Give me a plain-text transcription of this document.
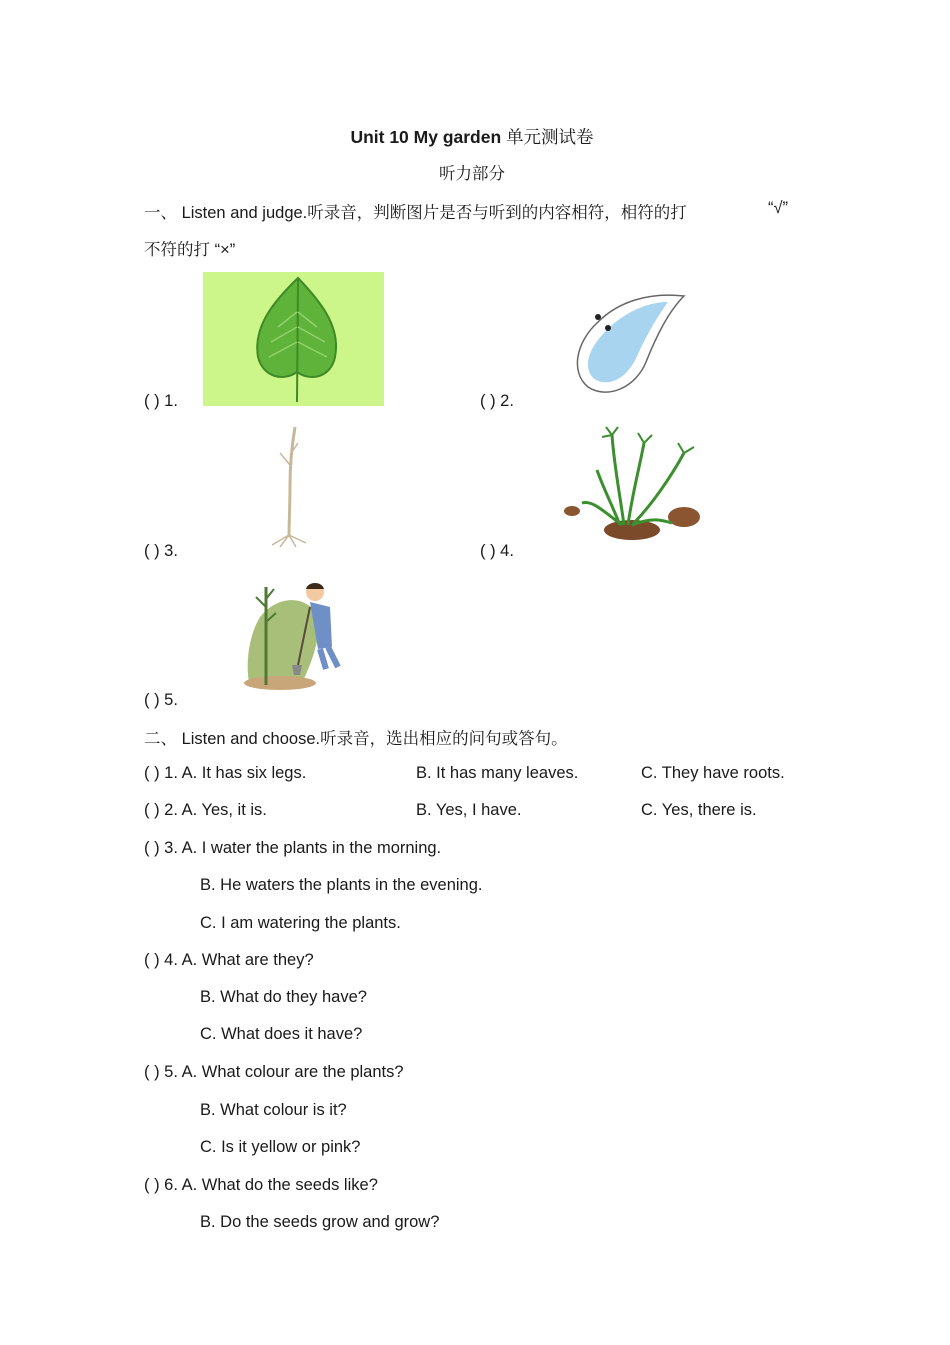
Unit 10 My garden 单元测试卷
听力部分
一、 Listen and judge.听录音，判断图片是否与听到的内容相符，相符的打	“√”
不符的打 “×”
( ) 1.	( ) 2.
( ) 3.	( ) 4.
( ) 5.
二、 Listen and choose.听录音，选出相应的问句或答句。
( ) 1. A. It has six legs.	B. It has many leaves.	C. They have roots.
( ) 2. A. Yes, it is.	B. Yes, I have.	C. Yes, there is.
( ) 3. A. I water the plants in the morning.
B. He waters the plants in the evening.
C. I am watering the plants.
( ) 4. A. What are they?
B. What do they have?
C. What does it have?
( ) 5. A. What colour are the plants?
B. What colour is it?
C. Is it yellow or pink?
( ) 6. A. What do the seeds like?
B. Do the seeds grow and grow?
